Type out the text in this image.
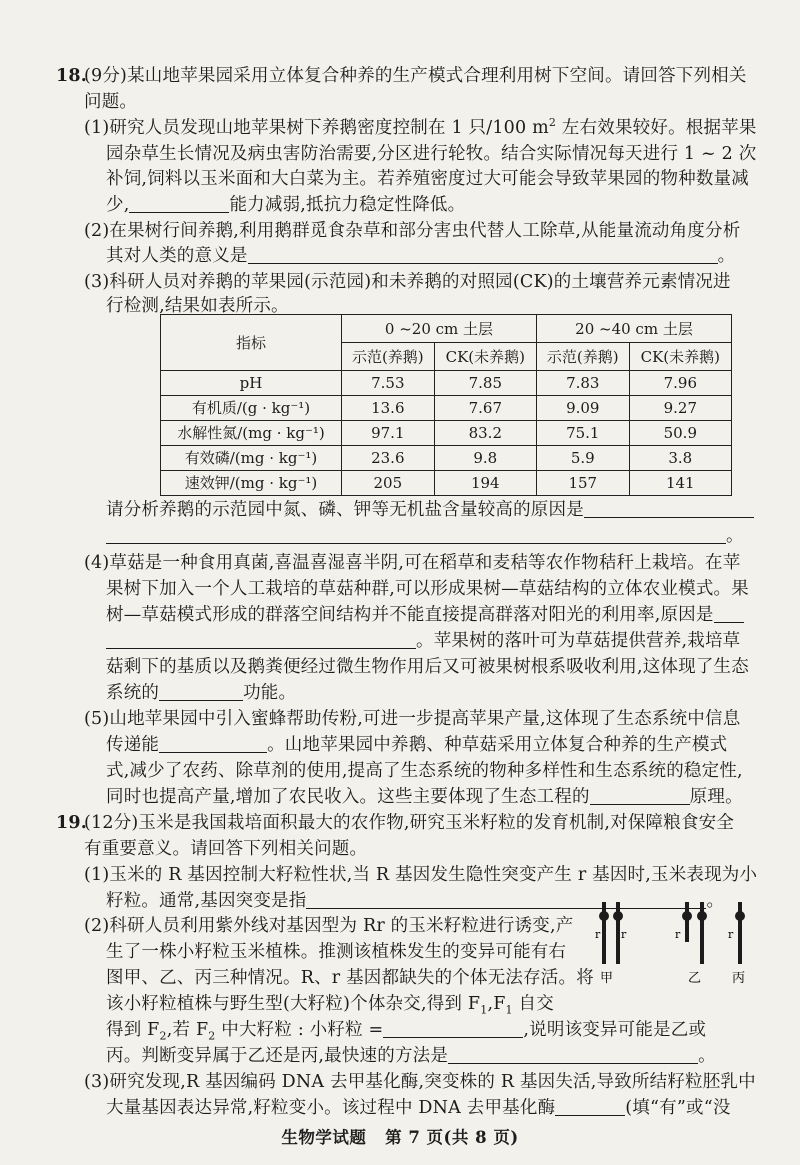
18.
(9分)某山地苹果园采用立体复合种养的生产模式合理利用树下空间。请回答下列相关
问题。
(1)研究人员发现山地苹果树下养鹅密度控制在 1 只/100 $m^2$ 左右效果较好。根据苹果
园杂草生长情况及病虫害防治需要,分区进行轮牧。结合实际情况每天进行 1 ~ 2 次
补饲,饲料以玉米面和大白菜为主。若养殖密度过大可能会导致苹果园的物种数量减
少,	能力减弱,抵抗力稳定性降低。
(2)在果树行间养鹅,利用鹅群觅食杂草和部分害虫代替人工除草,从能量流动角度分析
其对人类的意义是	。
(3)科研人员对养鹅的苹果园(示范园)和未养鹅的对照园(CK)的土壤营养元素情况进
行检测,结果如表所示。
指标	0 ~20 cm 土层		20 ~40 cm 土层	
	示范(养鹅)	CK(未养鹅)	示范(养鹅)	CK(未养鹅)
pH	7.53	7.85	7.83	7.96
有机质/(g · kg⁻¹)	13.6	7.67	9.09	9.27
水解性氮/(mg · kg⁻¹)	97.1	83.2	75.1	50.9
有效磷/(mg · kg⁻¹)	23.6	9.8	5.9	3.8
速效钾/(mg · kg⁻¹)	205	194	157	141
请分析养鹅的示范园中氮、磷、钾等无机盐含量较高的原因是
。
(4)草菇是一种食用真菌,喜温喜湿喜半阴,可在稻草和麦秸等农作物秸秆上栽培。在苹
果树下加入一个人工栽培的草菇种群,可以形成果树—草菇结构的立体农业模式。果
树—草菇模式形成的群落空间结构并不能直接提高群落对阳光的利用率,原因是
。苹果树的落叶可为草菇提供营养,栽培草
菇剩下的基质以及鹅粪便经过微生物作用后又可被果树根系吸收利用,这体现了生态
系统的	功能。
(5)山地苹果园中引入蜜蜂帮助传粉,可进一步提高苹果产量,这体现了生态系统中信息
传递能	。山地苹果园中养鹅、种草菇采用立体复合种养的生产模式
式,减少了农药、除草剂的使用,提高了生态系统的物种多样性和生态系统的稳定性,
同时也提高产量,增加了农民收入。这些主要体现了生态工程的	原理。
19.
(12分)玉米是我国栽培面积最大的农作物,研究玉米籽粒的发育机制,对保障粮食安全
有重要意义。请回答下列相关问题。
(1)玉米的 R 基因控制大籽粒性状,当 R 基因发生隐性突变产生 r 基因时,玉米表现为小
籽粒。通常,基因突变是指	。
(2)科研人员利用紫外线对基因型为 Rr 的玉米籽粒进行诱变,产
生了一株小籽粒玉米植株。推测该植株发生的变异可能有右
图甲、乙、丙三种情况。R、r 基因都缺失的个体无法存活。将
该小籽粒植株与野生型(大籽粒)个体杂交,得到 $F_1,F_1$ 自交
得到 $F_2$,若 $F_2$ 中大籽粒 : 小籽粒 =	,说明该变异可能是乙或
丙。判断变异属于乙还是丙,最快速的方法是	。
(3)研究发现,R 基因编码 DNA 去甲基化酶,突变株的 R 基因失活,导致所结籽粒胚乳中
大量基因表达异常,籽粒变小。该过程中 DNA 去甲基化酶	(填“有”或“没
r r	r	r
甲	乙 丙
生物学试题 第 7 页(共 8 页)
